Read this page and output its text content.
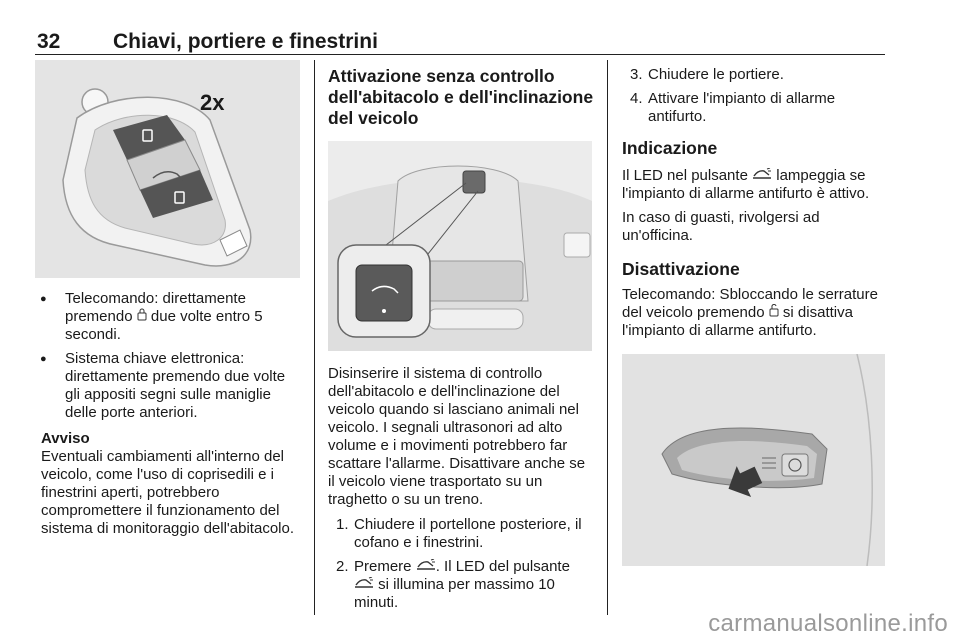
32	Chiavi, portiere e finestrini
2x
● Telecomando: direttamente premendo  due volte entro 5 secondi.
● Sistema chiave elettronica: direttamente premendo due volte gli appositi segni sulle maniglie delle porte anteriori.
Avviso

Eventuali cambiamenti all'interno del veicolo, come l'uso di coprisedili e i finestrini aperti, potrebbero compromettere il funzionamento del sistema di monitoraggio dell'abitacolo.

Attivazione senza controllo dell'abitacolo e dell'inclinazione del veicolo

Disinserire il sistema di controllo dell'abitacolo e dell'inclinazione del veicolo quando si lasciano animali nel veicolo. I segnali ultrasonori ad alto volume e i movimenti potrebbero far scattare l'allarme. Disattivare anche se il veicolo viene trasportato su un traghetto o su un treno.

1. Chiudere il portellone posteriore, il cofano e i finestrini.
2. Premere . Il LED del pulsante  si illumina per massimo 10 minuti.
3. Chiudere le portiere.
4. Attivare l'impianto di allarme antifurto.
Indicazione

Il LED nel pulsante  lampeggia se l'impianto di allarme antifurto è attivo.

In caso di guasti, rivolgersi ad un'officina.

Disattivazione

Telecomando: Sbloccando le serrature del veicolo premendo  si disattiva l'impianto di allarme antifurto.

carmanualsonline.info
